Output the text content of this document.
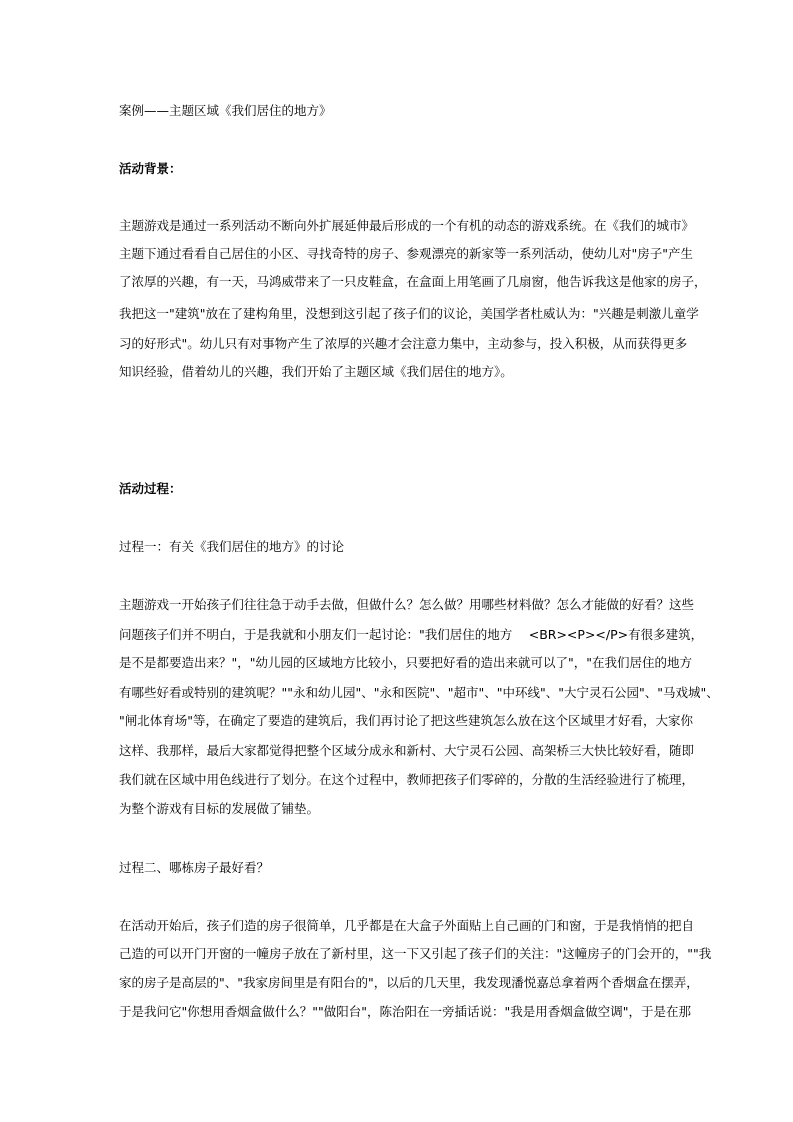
案例——主题区域《我们居住的地方》

活动背景：

主题游戏是通过一系列活动不断向外扩展延伸最后形成的一个有机的动态的游戏系统。在《我们的城市》

主题下通过看看自己居住的小区、寻找奇特的房子、参观漂亮的新家等一系列活动，使幼儿对"房子"产生

了浓厚的兴趣，有一天，马鸿威带来了一只皮鞋盒，在盒面上用笔画了几扇窗，他告诉我这是他家的房子，

我把这一"建筑"放在了建构角里，没想到这引起了孩子们的议论，美国学者杜威认为："兴趣是刺激儿童学

习的好形式"。幼儿只有对事物产生了浓厚的兴趣才会注意力集中，主动参与，投入积极，从而获得更多

知识经验，借着幼儿的兴趣，我们开始了主题区域《我们居住的地方》。

活动过程：

过程一：有关《我们居住的地方》的讨论

主题游戏一开始孩子们往往急于动手去做，但做什么？怎么做？用哪些材料做？怎么才能做的好看？这些

问题孩子们并不明白，于是我就和小朋友们一起讨论："我们居住的地方　 <BR><P></P>有很多建筑，

是不是都要造出来？"，"幼儿园的区域地方比较小，只要把好看的造出来就可以了"，"在我们居住的地方

有哪些好看或特别的建筑呢？""永和幼儿园"、"永和医院"、"超市"、"中环线"、"大宁灵石公园"、"马戏城"、

"闸北体育场"等，在确定了要造的建筑后，我们再讨论了把这些建筑怎么放在这个区域里才好看，大家你

这样、我那样，最后大家都觉得把整个区域分成永和新村、大宁灵石公园、高架桥三大快比较好看，随即

我们就在区域中用色线进行了划分。在这个过程中，教师把孩子们零碎的，分散的生活经验进行了梳理，

为整个游戏有目标的发展做了铺垫。

过程二、哪栋房子最好看？

在活动开始后，孩子们造的房子很简单，几乎都是在大盒子外面贴上自己画的门和窗，于是我悄悄的把自

己造的可以开门开窗的一幢房子放在了新村里，这一下又引起了孩子们的关注："这幢房子的门会开的，""我

家的房子是高层的"、"我家房间里是有阳台的"，以后的几天里，我发现潘悦嘉总拿着两个香烟盒在摆弄，

于是我问它"你想用香烟盒做什么？""做阳台"，陈治阳在一旁插话说："我是用香烟盒做空调"，于是在那
